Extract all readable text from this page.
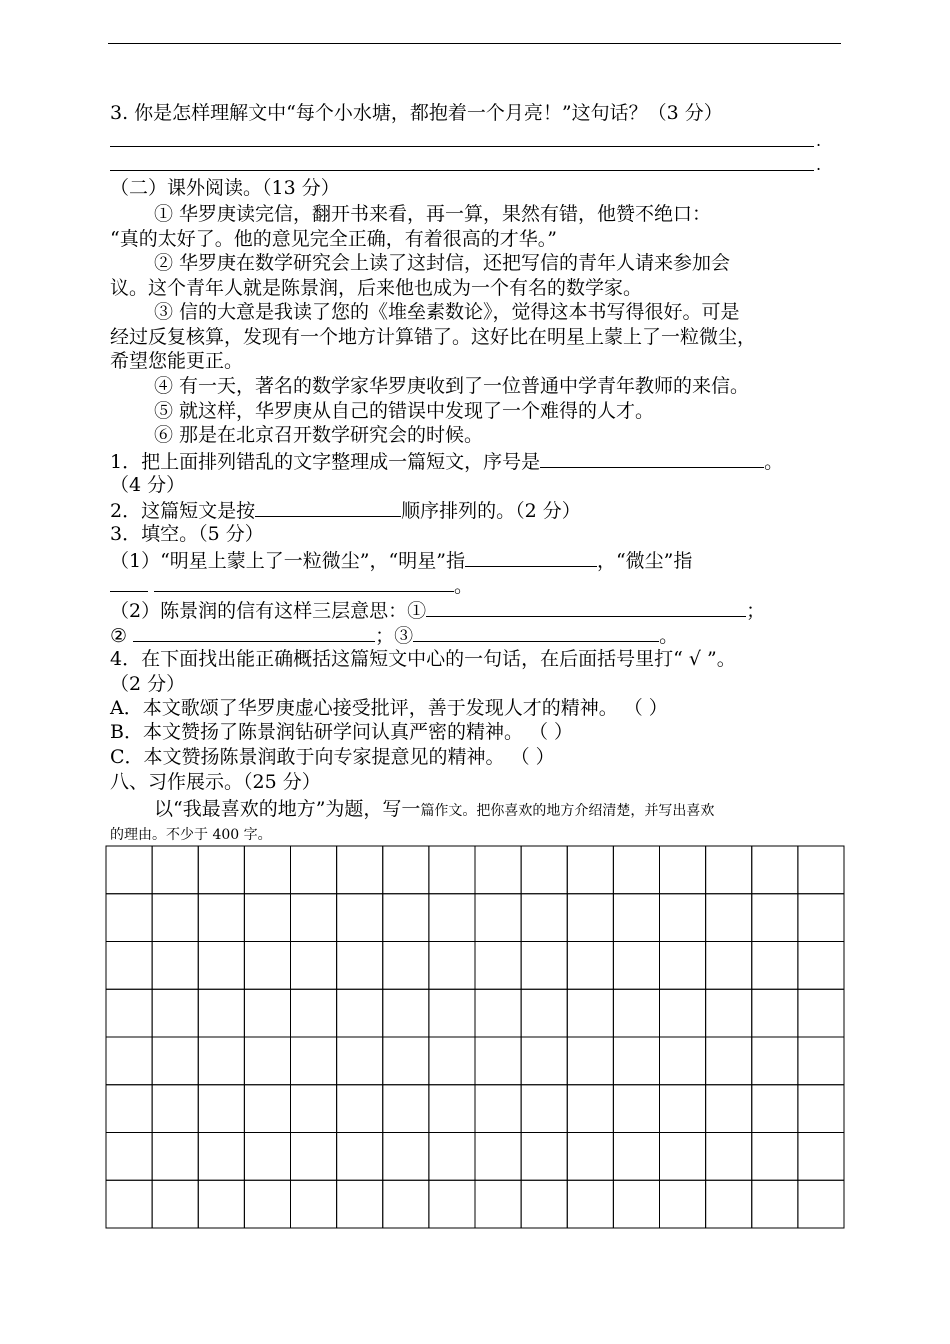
3. 你是怎样理解文中“每个小水塘，都抱着一个月亮！”这句话？（3 分）
.
.
（二）课外阅读。（13 分）
① 华罗庚读完信，翻开书来看，再一算，果然有错，他赞不绝口：
“真的太好了。他的意见完全正确，有着很高的才华。”
② 华罗庚在数学研究会上读了这封信，还把写信的青年人请来参加会
议。这个青年人就是陈景润，后来他也成为一个有名的数学家。
③ 信的大意是我读了您的《堆垒素数论》，觉得这本书写得很好。可是
经过反复核算，发现有一个地方计算错了。这好比在明星上蒙上了一粒微尘，
希望您能更正。
④ 有一天，著名的数学家华罗庚收到了一位普通中学青年教师的来信。
⑤ 就这样，华罗庚从自己的错误中发现了一个难得的人才。
⑥ 那是在北京召开数学研究会的时候。
1．把上面排列错乱的文字整理成一篇短文，序号是	。
（4 分）
2．这篇短文是按	顺序排列的。（2 分）
3．填空。（5 分）
（1）“明星上蒙上了一粒微尘”，“明星”指	，“微尘”指
。
（2）陈景润的信有这样三层意思：①	；
②	；③	。
4．在下面找出能正确概括这篇短文中心的一句话，在后面括号里打“ √ ”。
（2 分）
A．本文歌颂了华罗庚虚心接受批评，善于发现人才的精神。 （ ）
B．本文赞扬了陈景润钻研学问认真严密的精神。 （ ）
C．本文赞扬陈景润敢于向专家提意见的精神。 （ ）
八、习作展示。（25 分）
以“我最喜欢的地方”为题，写一篇作文。把你喜欢的地方介绍清楚，并写出喜欢
的理由。不少于 400 字。
